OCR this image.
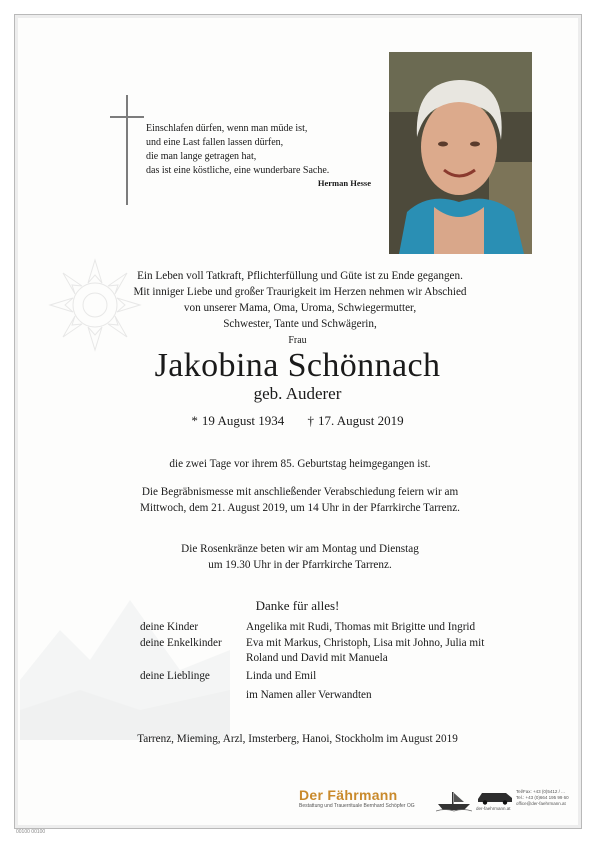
Einschlafen dürfen, wenn man müde ist,
und eine Last fallen lassen dürfen,
die man lange getragen hat,
das ist eine köstliche, eine wunderbare Sache.
Herman Hesse
Ein Leben voll Tatkraft, Pflichterfüllung und Güte ist zu Ende gegangen.
Mit inniger Liebe und großer Traurigkeit im Herzen nehmen wir Abschied
von unserer Mama, Oma, Uroma, Schwiegermutter,
Schwester, Tante und Schwägerin,
Frau
Jakobina Schönnach
geb. Auderer
* 19 August 1934 † 17. August 2019
die zwei Tage vor ihrem 85. Geburtstag heimgegangen ist.
Die Begräbnismesse mit anschließender Verabschiedung feiern wir am
Mittwoch, dem 21. August 2019, um 14 Uhr in der Pfarrkirche Tarrenz.
Die Rosenkränze beten wir am Montag und Dienstag
um 19.30 Uhr in der Pfarrkirche Tarrenz.
Danke für alles!
deine Kinder	Angelika mit Rudi, Thomas mit Brigitte und Ingrid
deine Enkelkinder	Eva mit Markus, Christoph, Lisa mit Johno, Julia mit Roland und David mit Manuela
deine Lieblinge	Linda und Emil
im Namen aller Verwandten
Tarrenz, Mieming, Arzl, Imsterberg, Hanoi, Stockholm im August 2019
Der Fährmann
Bestattung und Trauerrituale Bernhard Schöpfer OG	der-faehrmann.at
Tel/Fax: +43 (0)5412 / ...
Tel.: +43 (0)664 195 99 60
office@der-faehrmann.at
00100 00100
